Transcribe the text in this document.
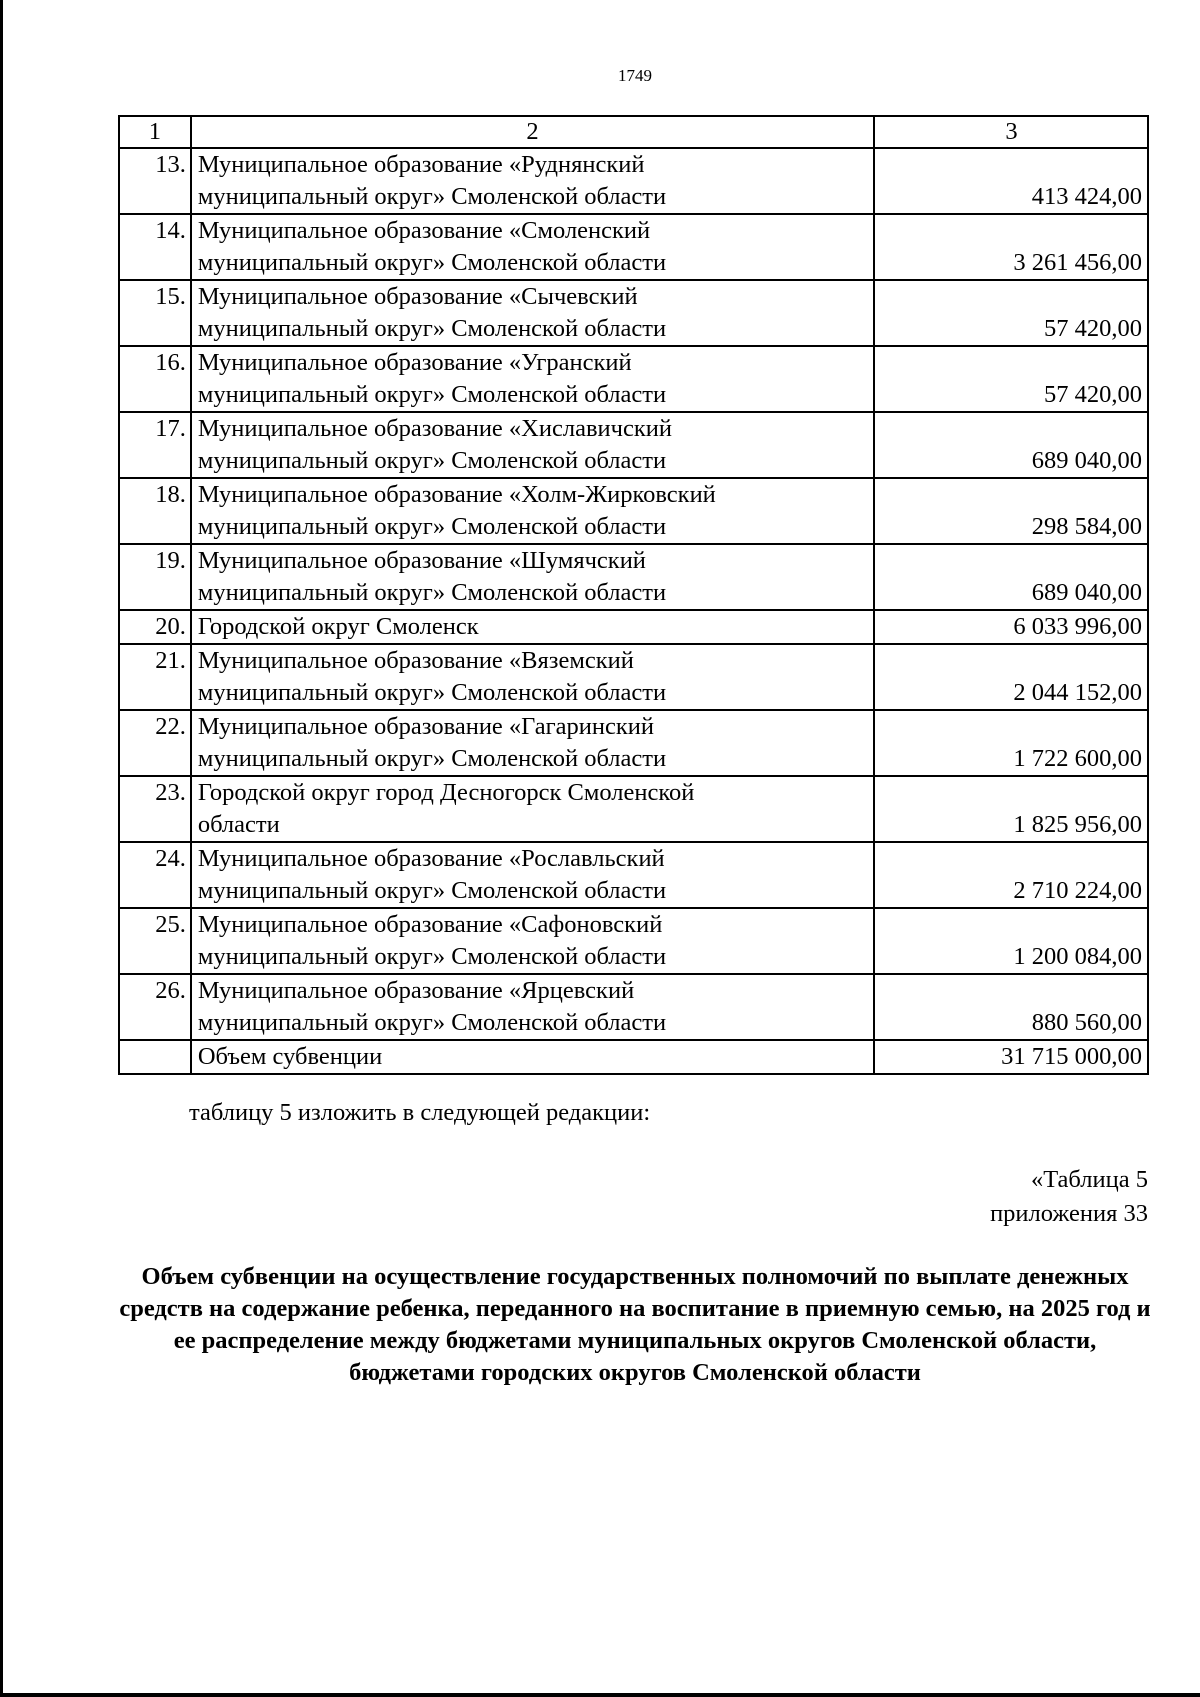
1749
1	2	3
13.	Муниципальное образование «Руднянский
муниципальный округ» Смоленской области	413 424,00
14.	Муниципальное образование «Смоленский
муниципальный округ» Смоленской области	3 261 456,00
15.	Муниципальное образование «Сычевский
муниципальный округ» Смоленской области	57 420,00
16.	Муниципальное образование «Угранский
муниципальный округ» Смоленской области	57 420,00
17.	Муниципальное образование «Хиславичский
муниципальный округ» Смоленской области	689 040,00
18.	Муниципальное образование «Холм-Жирковский
муниципальный округ» Смоленской области	298 584,00
19.	Муниципальное образование «Шумячский
муниципальный округ» Смоленской области	689 040,00
20.	Городской округ Смоленск	6 033 996,00
21.	Муниципальное образование «Вяземский
муниципальный округ» Смоленской области	2 044 152,00
22.	Муниципальное образование «Гагаринский
муниципальный округ» Смоленской области	1 722 600,00
23.	Городской округ город Десногорск Смоленской
области	1 825 956,00
24.	Муниципальное образование «Рославльский
муниципальный округ» Смоленской области	2 710 224,00
25.	Муниципальное образование «Сафоновский
муниципальный округ» Смоленской области	1 200 084,00
26.	Муниципальное образование «Ярцевский
муниципальный округ» Смоленской области	880 560,00
	Объем субвенции	31 715 000,00
таблицу 5 изложить в следующей редакции:
«Таблица 5
приложения 33
Объем субвенции на осуществление государственных полномочий по выплате денежных средств на содержание ребенка, переданного на воспитание в приемную семью, на 2025 год и ее распределение между бюджетами муниципальных округов Смоленской области, бюджетами городских округов Смоленской области
